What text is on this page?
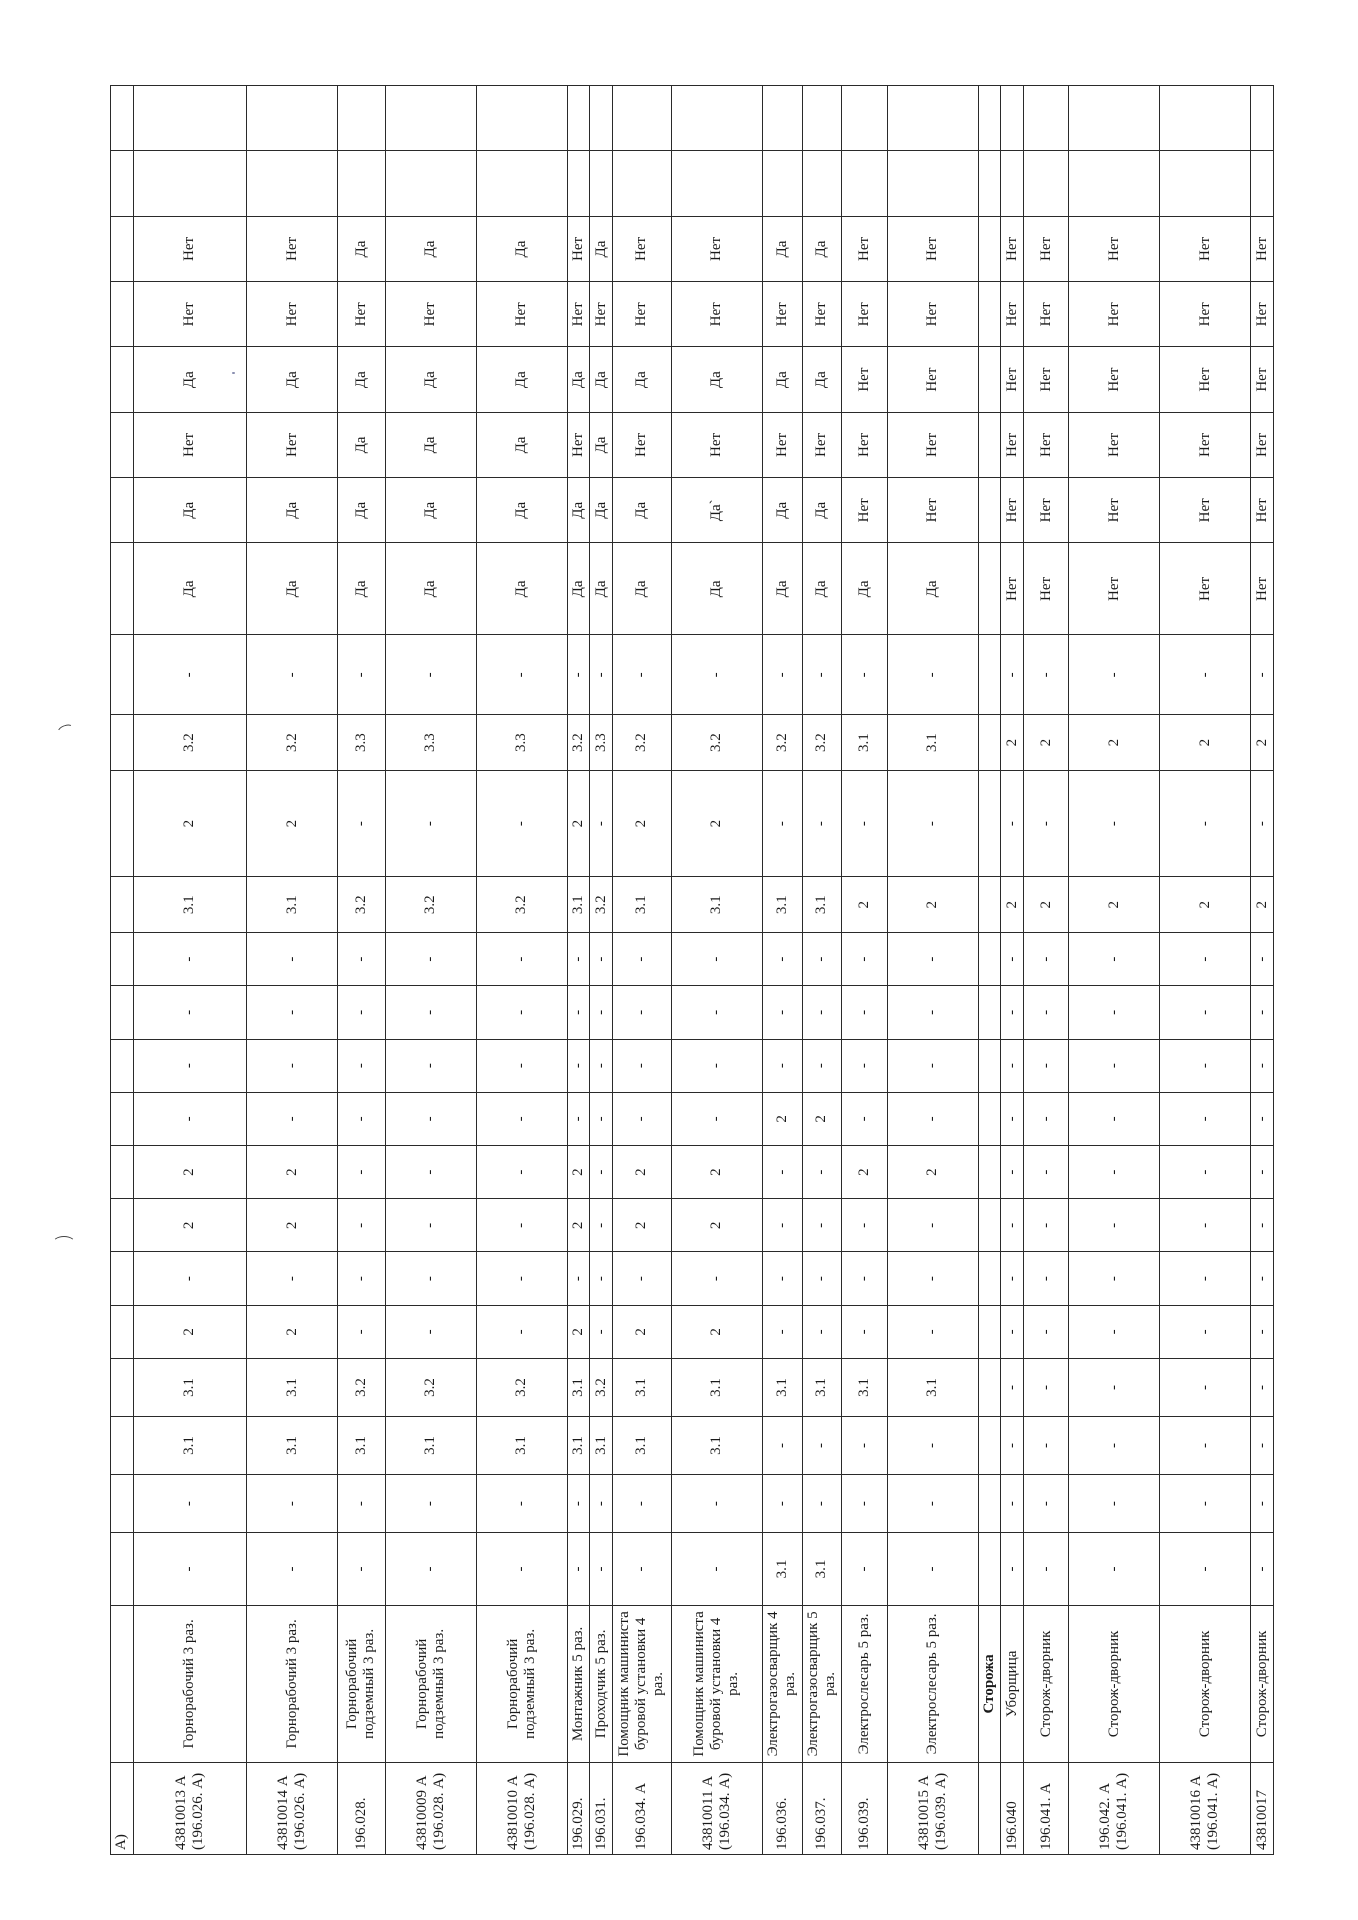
А)																									
43810013 А (196.026. А)	Горнорабочий 3 раз.	-	-	3.1	3.1	2	-	2	2	-	-	-	-	3.1	2	3.2	-	Да	Да	Нет	Да	Нет	Нет		
43810014 А (196.026. А)	Горнорабочий 3 раз.	-	-	3.1	3.1	2	-	2	2	-	-	-	-	3.1	2	3.2	-	Да	Да	Нет	Да	Нет	Нет		
196.028.	Горнорабочий подземный 3 раз.	-	-	3.1	3.2	-	-	-	-	-	-	-	-	3.2	-	3.3	-	Да	Да	Да	Да	Нет	Да		
43810009 А (196.028. А)	Горнорабочий подземный 3 раз.	-	-	3.1	3.2	-	-	-	-	-	-	-	-	3.2	-	3.3	-	Да	Да	Да	Да	Нет	Да		
43810010 А (196.028. А)	Горнорабочий подземный 3 раз.	-	-	3.1	3.2	-	-	-	-	-	-	-	-	3.2	-	3.3	-	Да	Да	Да	Да	Нет	Да		
196.029.	Монтажник 5 раз.	-	-	3.1	3.1	2	-	2	2	-	-	-	-	3.1	2	3.2	-	Да	Да	Нет	Да	Нет	Нет		
196.031.	Проходчик 5 раз.	-	-	3.1	3.2	-	-	-	-	-	-	-	-	3.2	-	3.3	-	Да	Да	Да	Да	Нет	Да		
196.034. А	Помощник машиниста буровой установки 4 раз.	-	-	3.1	3.1	2	-	2	2	-	-	-	-	3.1	2	3.2	-	Да	Да	Нет	Да	Нет	Нет		
43810011 А (196.034. А)	Помощник машиниста буровой установки 4 раз.	-	-	3.1	3.1	2	-	2	2	-	-	-	-	3.1	2	3.2	-	Да	Да`	Нет	Да	Нет	Нет		
196.036.	Электрогазосварщик 4 раз.	3.1	-	-	3.1	-	-	-	-	2	-	-	-	3.1	-	3.2	-	Да	Да	Нет	Да	Нет	Да		
196.037.	Электрогазосварщик 5 раз.	3.1	-	-	3.1	-	-	-	-	2	-	-	-	3.1	-	3.2	-	Да	Да	Нет	Да	Нет	Да		
196.039.	Электрослесарь 5 раз.	-	-	-	3.1	-	-	-	2	-	-	-	-	2	-	3.1	-	Да	Нет	Нет	Нет	Нет	Нет		
43810015 А (196.039. А)	Электрослесарь 5 раз.	-	-	-	3.1	-	-	-	2	-	-	-	-	2	-	3.1	-	Да	Нет	Нет	Нет	Нет	Нет		
	Сторожа																								
196.040	Уборщица	-	-	-	-	-	-	-	-	-	-	-	-	2	-	2	-	Нет	Нет	Нет	Нет	Нет	Нет		
196.041. А	Сторож-дворник	-	-	-	-	-	-	-	-	-	-	-	-	2	-	2	-	Нет	Нет	Нет	Нет	Нет	Нет		
196.042. А (196.041. А)	Сторож-дворник	-	-	-	-	-	-	-	-	-	-	-	-	2	-	2	-	Нет	Нет	Нет	Нет	Нет	Нет		
43810016 А (196.041. А)	Сторож-дворник	-	-	-	-	-	-	-	-	-	-	-	-	2	-	2	-	Нет	Нет	Нет	Нет	Нет	Нет		
43810017	Сторож-дворник	-	-	-	-	-	-	-	-	-	-	-	-	2	-	2	-	Нет	Нет	Нет	Нет	Нет	Нет		
